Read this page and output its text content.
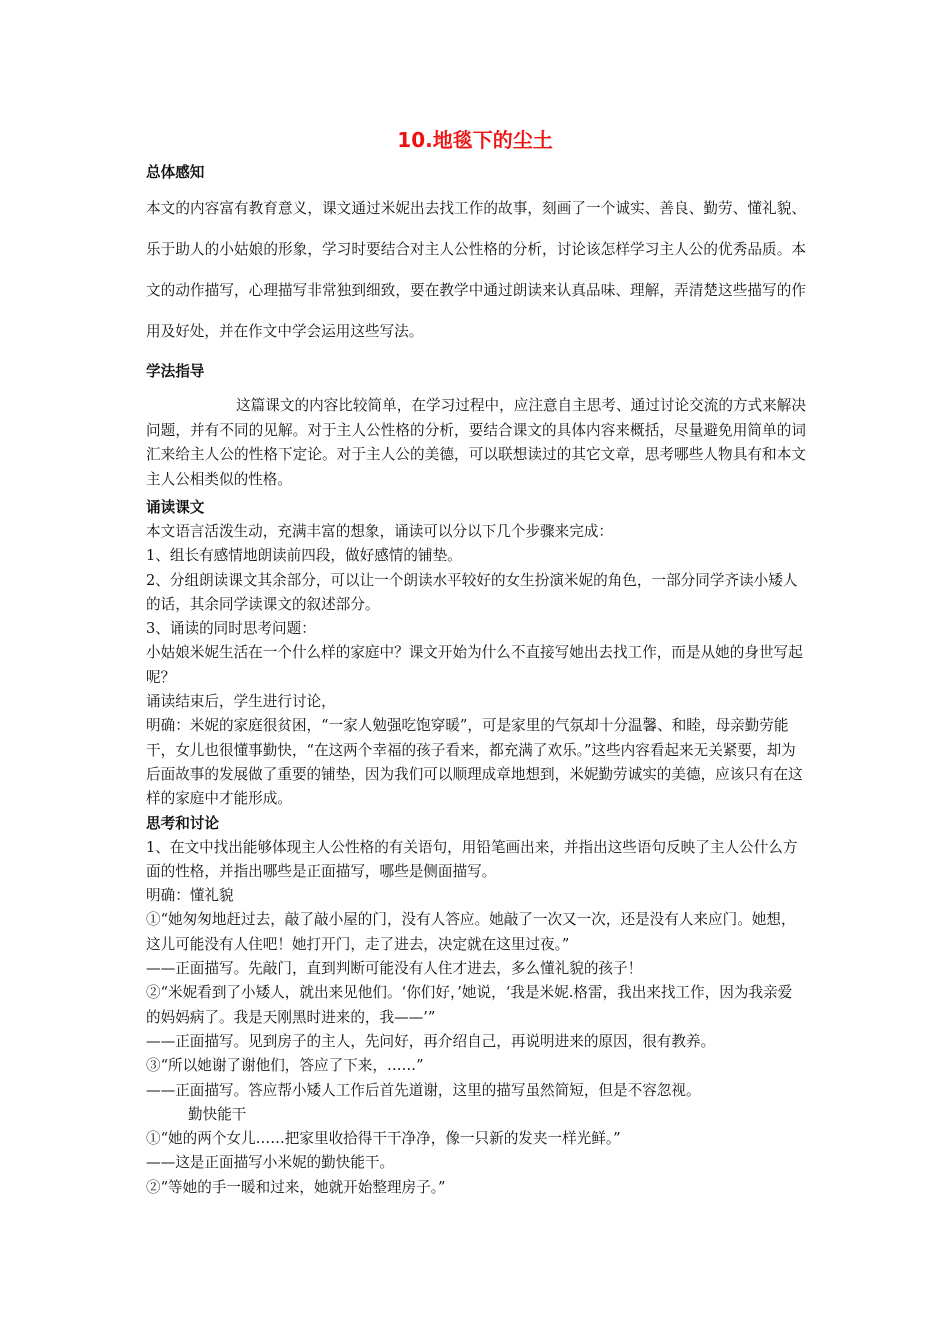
10.地毯下的尘土

总体感知

本文的内容富有教育意义，课文通过米妮出去找工作的故事，刻画了一个诚实、善良、勤劳、懂礼貌、乐于助人的小姑娘的形象，学习时要结合对主人公性格的分析，讨论该怎样学习主人公的优秀品质。本文的动作描写，心理描写非常独到细致，要在教学中通过朗读来认真品味、理解，弄清楚这些描写的作用及好处，并在作文中学会运用这些写法。

学法指导

这篇课文的内容比较简单，在学习过程中，应注意自主思考、通过讨论交流的方式来解决问题，并有不同的见解。对于主人公性格的分析，要结合课文的具体内容来概括，尽量避免用简单的词汇来给主人公的性格下定论。对于主人公的美德，可以联想读过的其它文章，思考哪些人物具有和本文主人公相类似的性格。

诵读课文

本文语言活泼生动，充满丰富的想象，诵读可以分以下几个步骤来完成：

1、组长有感情地朗读前四段，做好感情的铺垫。

2、分组朗读课文其余部分，可以让一个朗读水平较好的女生扮演米妮的角色，一部分同学齐读小矮人的话，其余同学读课文的叙述部分。

3、诵读的同时思考问题：

小姑娘米妮生活在一个什么样的家庭中？课文开始为什么不直接写她出去找工作，而是从她的身世写起呢？

诵读结束后，学生进行讨论，

明确：米妮的家庭很贫困，“一家人勉强吃饱穿暖”，可是家里的气氛却十分温馨、和睦，母亲勤劳能干，女儿也很懂事勤快，“在这两个幸福的孩子看来，都充满了欢乐。”这些内容看起来无关紧要，却为后面故事的发展做了重要的铺垫，因为我们可以顺理成章地想到，米妮勤劳诚实的美德，应该只有在这样的家庭中才能形成。

思考和讨论

1、在文中找出能够体现主人公性格的有关语句，用铅笔画出来，并指出这些语句反映了主人公什么方面的性格，并指出哪些是正面描写，哪些是侧面描写。

明确：懂礼貌

①“她匆匆地赶过去，敲了敲小屋的门，没有人答应。她敲了一次又一次，还是没有人来应门。她想，这儿可能没有人住吧！她打开门，走了进去，决定就在这里过夜。”

——正面描写。先敲门，直到判断可能没有人住才进去，多么懂礼貌的孩子！

②“米妮看到了小矮人，就出来见他们。‘你们好，’她说，‘我是米妮.格雷，我出来找工作，因为我亲爱的妈妈病了。我是天刚黑时进来的，我——’”

——正面描写。见到房子的主人，先问好，再介绍自己，再说明进来的原因，很有教养。

③“所以她谢了谢他们，答应了下来，……”

——正面描写。答应帮小矮人工作后首先道谢，这里的描写虽然简短，但是不容忽视。

勤快能干

①“她的两个女儿……把家里收拾得干干净净，像一只新的发夹一样光鲜。”

——这是正面描写小米妮的勤快能干。

②“等她的手一暖和过来，她就开始整理房子。”
